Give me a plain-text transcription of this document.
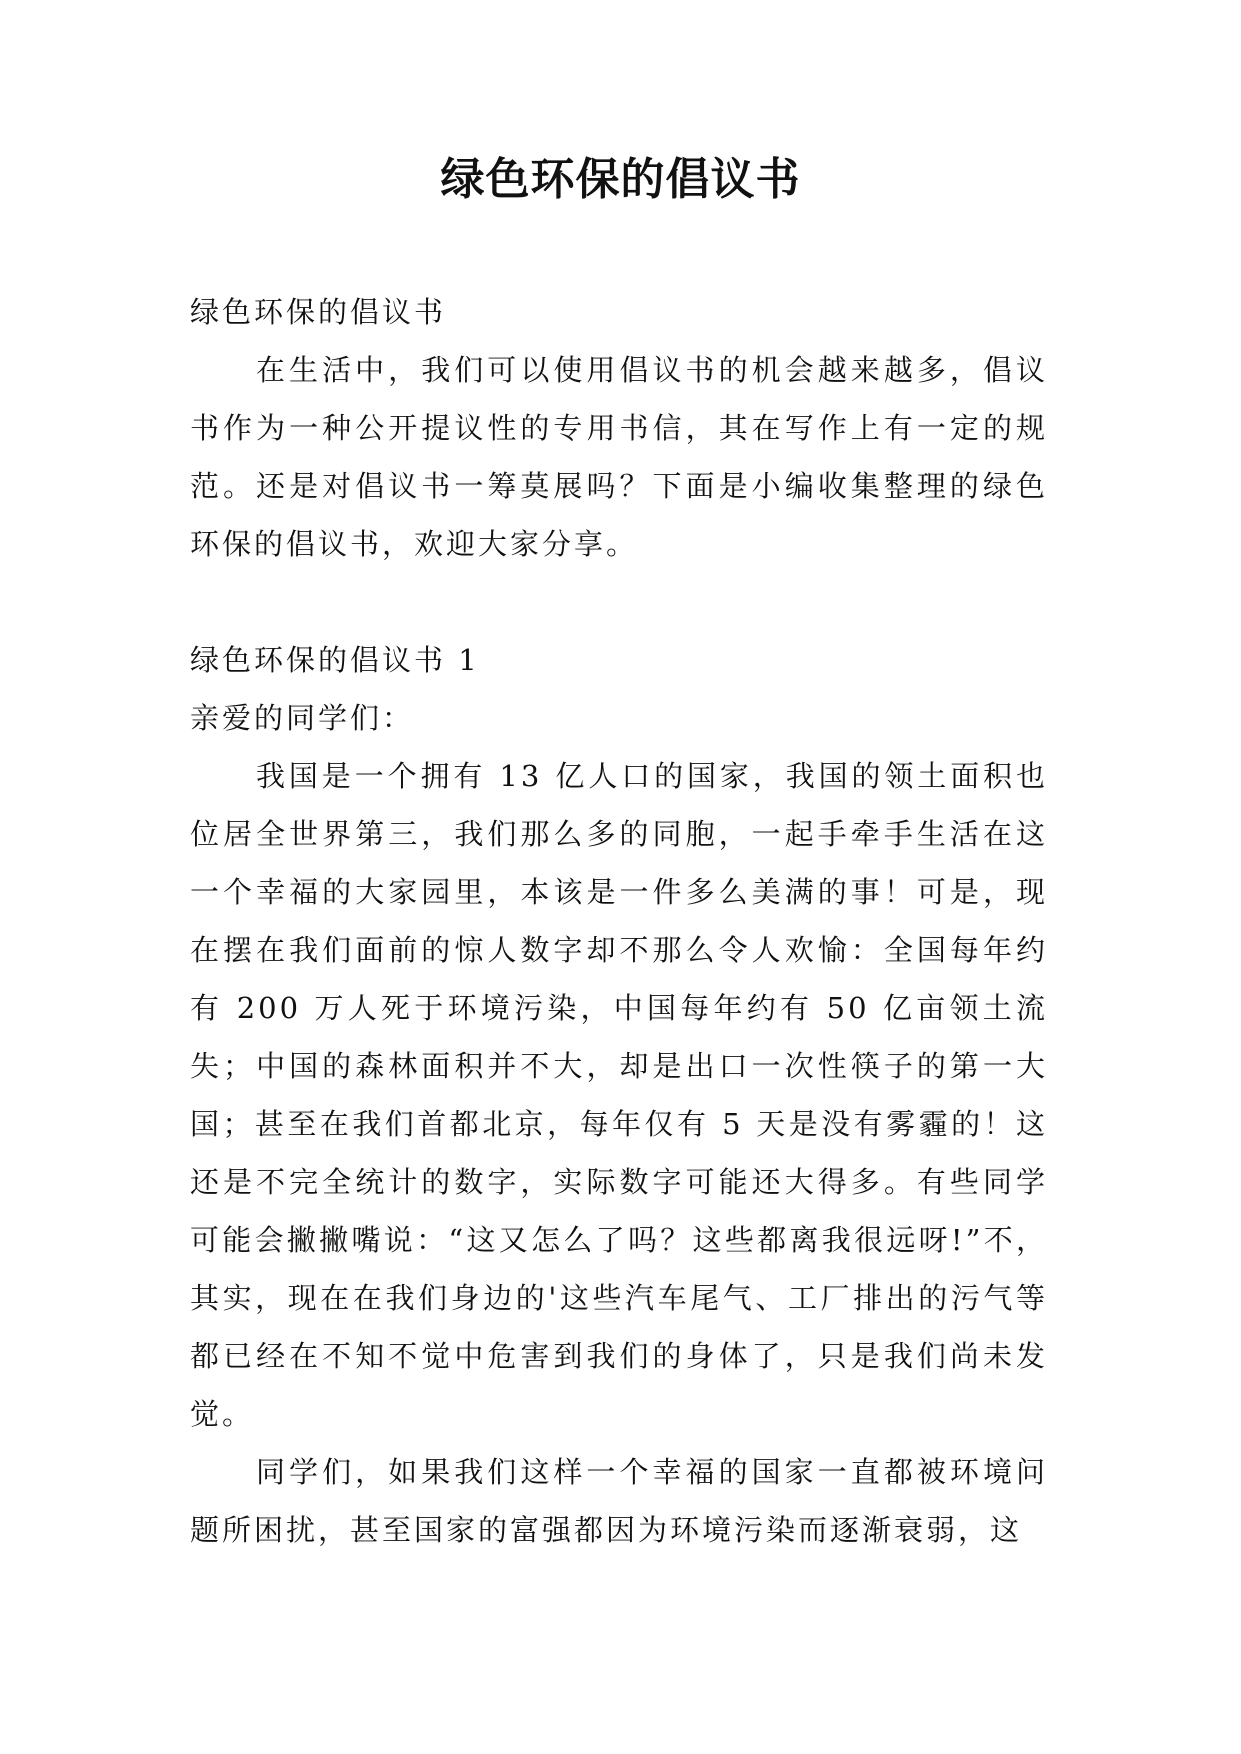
绿色环保的倡议书

绿色环保的倡议书

在生活中，我们可以使用倡议书的机会越来越多，倡议书作为一种公开提议性的专用书信，其在写作上有一定的规范。还是对倡议书一筹莫展吗？下面是小编收集整理的绿色环保的倡议书，欢迎大家分享。

绿色环保的倡议书 1

亲爱的同学们：

我国是一个拥有 13 亿人口的国家，我国的领土面积也位居全世界第三，我们那么多的同胞，一起手牵手生活在这一个幸福的大家园里，本该是一件多么美满的事！可是，现在摆在我们面前的惊人数字却不那么令人欢愉：全国每年约有 200 万人死于环境污染，中国每年约有 50 亿亩领土流失；中国的森林面积并不大，却是出口一次性筷子的第一大国；甚至在我们首都北京，每年仅有 5 天是没有雾霾的！这还是不完全统计的数字，实际数字可能还大得多。有些同学可能会撇撇嘴说：“这又怎么了吗？这些都离我很远呀!”不，其实，现在在我们身边的'这些汽车尾气、工厂排出的污气等都已经在不知不觉中危害到我们的身体了，只是我们尚未发觉。

同学们，如果我们这样一个幸福的国家一直都被环境问题所困扰，甚至国家的富强都因为环境污染而逐渐衰弱，这
